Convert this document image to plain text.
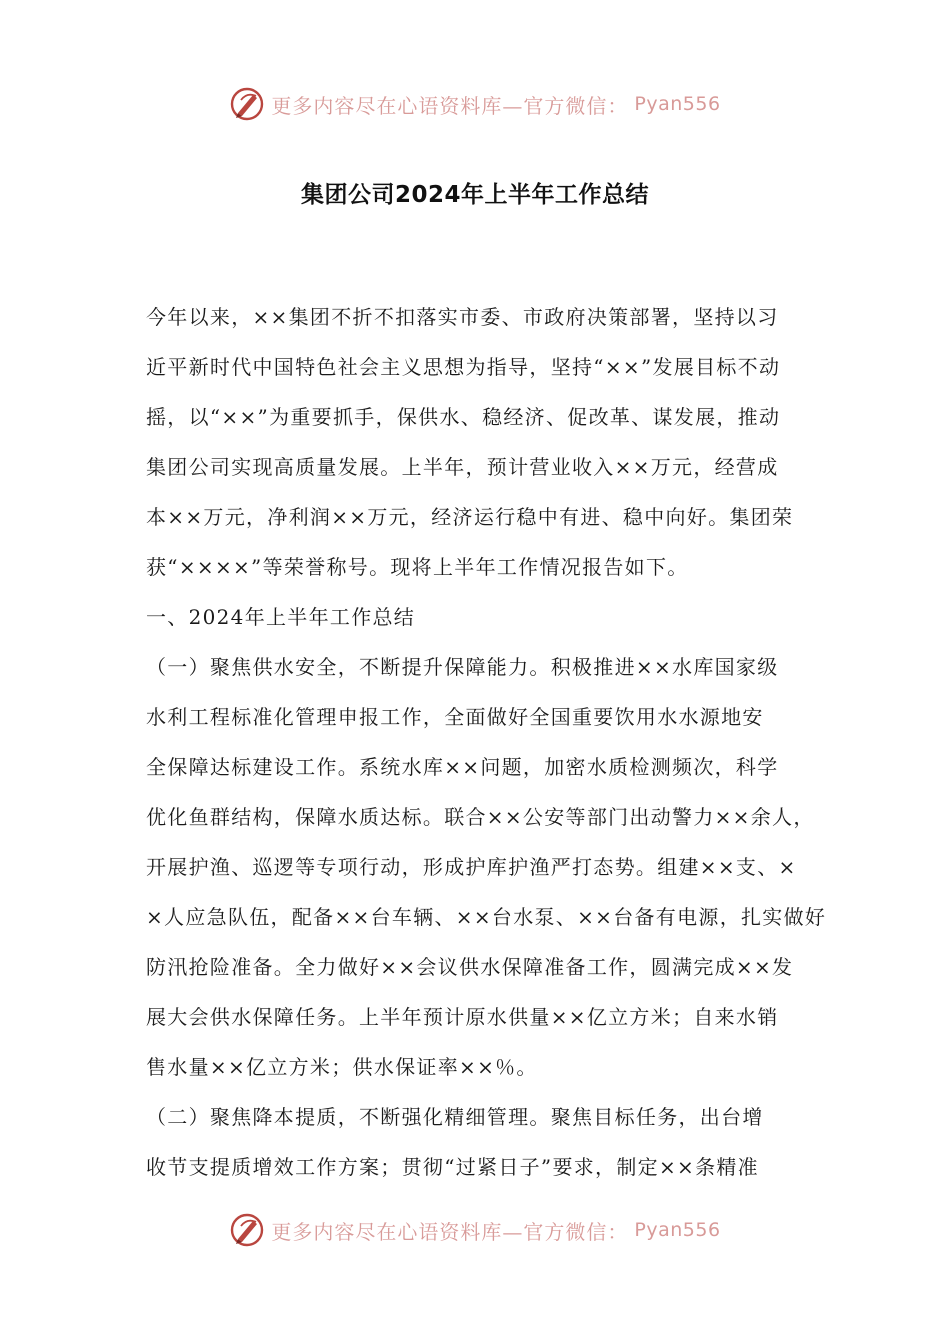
更多内容尽在心语资料库—官方微信： Pyan556
集团公司2024年上半年工作总结
今年以来，××集团不折不扣落实市委、市政府决策部署，坚持以习
近平新时代中国特色社会主义思想为指导，坚持“××”发展目标不动
摇，以“××”为重要抓手，保供水、稳经济、促改革、谋发展，推动
集团公司实现高质量发展。上半年，预计营业收入××万元，经营成
本××万元，净利润××万元，经济运行稳中有进、稳中向好。集团荣
获“××××”等荣誉称号。现将上半年工作情况报告如下。
一、2024年上半年工作总结
（一）聚焦供水安全，不断提升保障能力。积极推进××水库国家级
水利工程标准化管理申报工作，全面做好全国重要饮用水水源地安
全保障达标建设工作。系统水库××问题，加密水质检测频次，科学
优化鱼群结构，保障水质达标。联合××公安等部门出动警力××余人，
开展护渔、巡逻等专项行动，形成护库护渔严打态势。组建××支、×
×人应急队伍，配备××台车辆、××台水泵、××台备有电源，扎实做好
防汛抢险准备。全力做好××会议供水保障准备工作，圆满完成××发
展大会供水保障任务。上半年预计原水供量××亿立方米；自来水销
售水量××亿立方米；供水保证率××％。
（二）聚焦降本提质，不断强化精细管理。聚焦目标任务，出台增
收节支提质增效工作方案；贯彻“过紧日子”要求，制定××条精准
更多内容尽在心语资料库—官方微信： Pyan556
